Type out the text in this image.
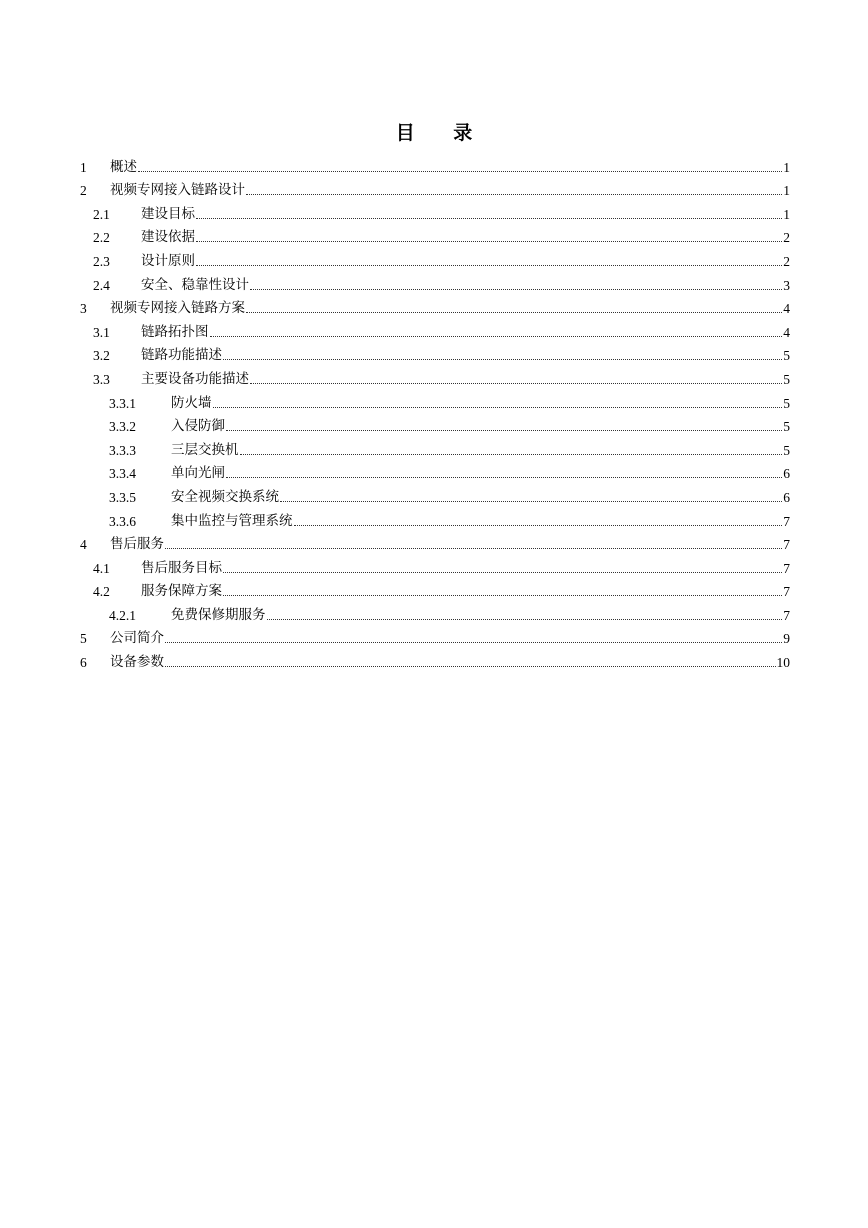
目 录
1	概述	1
2	视频专网接入链路设计	1
2.1	建设目标	1
2.2	建设依据	2
2.3	设计原则	2
2.4	安全、稳靠性设计	3
3	视频专网接入链路方案	4
3.1	链路拓扑图	4
3.2	链路功能描述	5
3.3	主要设备功能描述	5
3.3.1	防火墙	5
3.3.2	入侵防御	5
3.3.3	三层交换机	5
3.3.4	单向光闸	6
3.3.5	安全视频交换系统	6
3.3.6	集中监控与管理系统	7
4	售后服务	7
4.1	售后服务目标	7
4.2	服务保障方案	7
4.2.1	免费保修期服务	7
5	公司简介	9
6	设备参数	10
